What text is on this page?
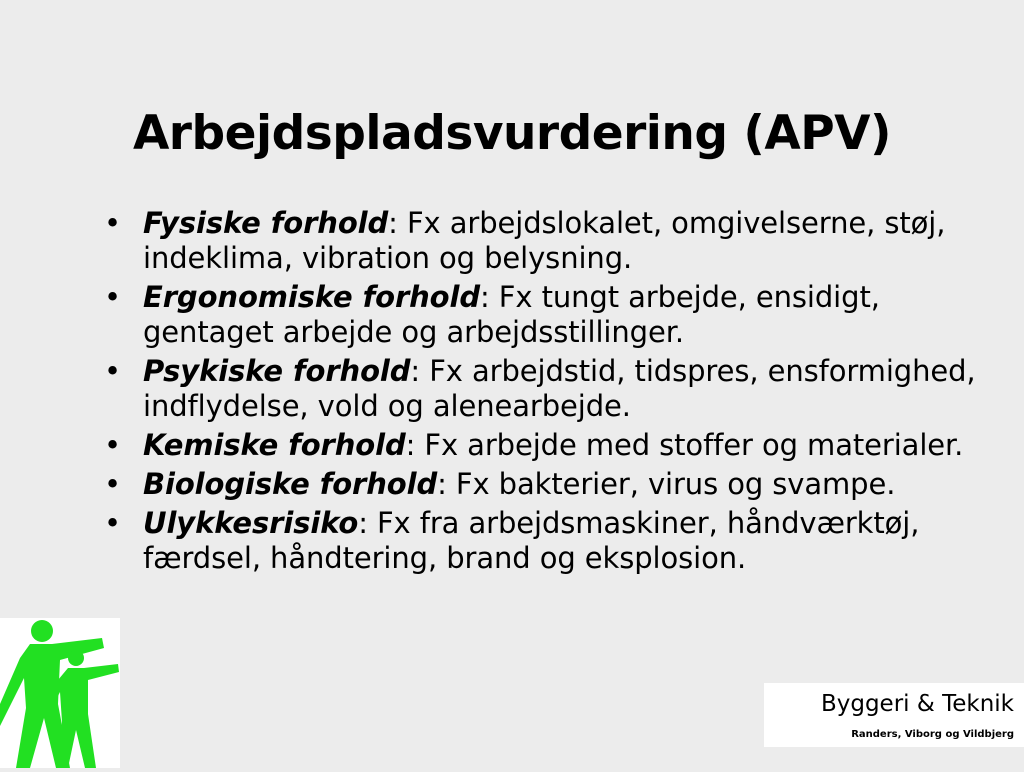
Arbejdspladsvurdering (APV)
• Fysiske forhold: Fx arbejdslokalet, omgivelserne, støj, indeklima, vibration og belysning.
• Ergonomiske forhold: Fx tungt arbejde, ensidigt, gentaget arbejde og arbejdsstillinger.
• Psykiske forhold: Fx arbejdstid, tidspres, ensformighed, indflydelse, vold og alenearbejde.
• Kemiske forhold: Fx arbejde med stoffer og materialer.
• Biologiske forhold: Fx bakterier, virus og svampe.
• Ulykkesrisiko: Fx fra arbejdsmaskiner, håndværktøj, færdsel, håndtering, brand og eksplosion.
Byggeri & Teknik
Randers, Viborg og Vildbjerg
